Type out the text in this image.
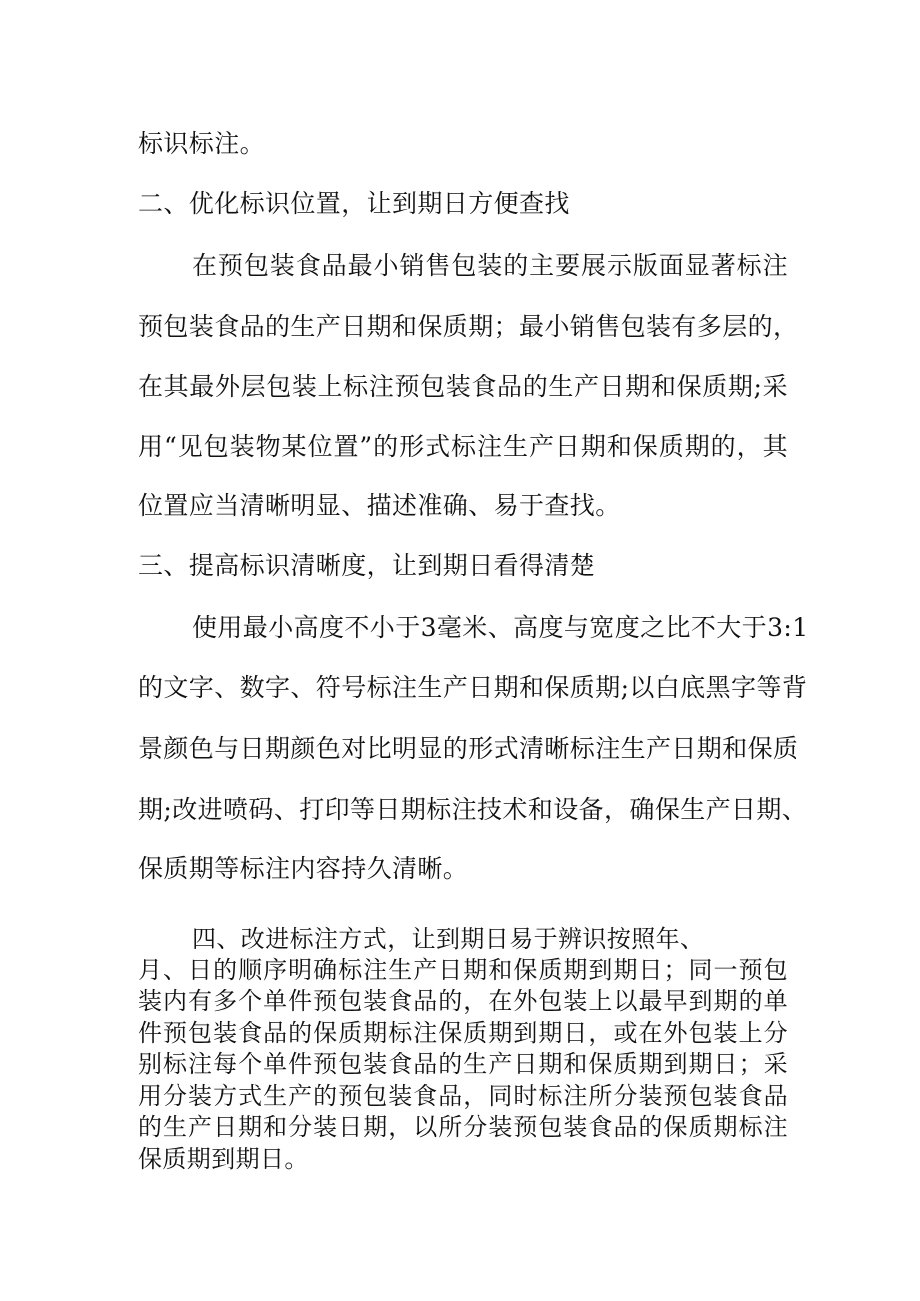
标识标注。
二、优化标识位置，让到期日方便查找
在预包装食品最小销售包装的主要展示版面显著标注
预包装食品的生产日期和保质期；最小销售包装有多层的，
在其最外层包装上标注预包装食品的生产日期和保质期;采
用“见包装物某位置”的形式标注生产日期和保质期的，其
位置应当清晰明显、描述准确、易于查找。
三、提高标识清晰度，让到期日看得清楚
使用最小高度不小于3毫米、高度与宽度之比不大于3:1
的文字、数字、符号标注生产日期和保质期;以白底黑字等背
景颜色与日期颜色对比明显的形式清晰标注生产日期和保质
期;改进喷码、打印等日期标注技术和设备，确保生产日期、
保质期等标注内容持久清晰。
四、改进标注方式，让到期日易于辨识按照年、
月、日的顺序明确标注生产日期和保质期到期日；同一预包
装内有多个单件预包装食品的，在外包装上以最早到期的单
件预包装食品的保质期标注保质期到期日，或在外包装上分
别标注每个单件预包装食品的生产日期和保质期到期日；采
用分装方式生产的预包装食品，同时标注所分装预包装食品
的生产日期和分装日期，以所分装预包装食品的保质期标注
保质期到期日。
